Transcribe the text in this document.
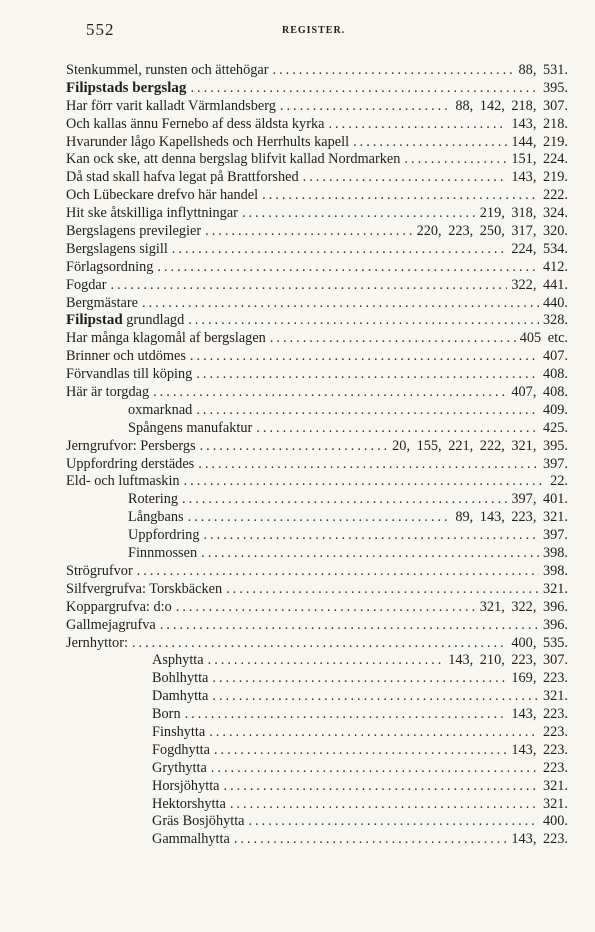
552	REGISTER.
Stenkummel, runsten och ättehögar .....	88, 531.
Filipstads bergslag .....	395.
Har förr varit kalladt Värmlandsberg .....	88, 142, 218, 307.
Och kallas ännu Fernebo af dess äldsta kyrka .....	143, 218.
Hvarunder lågo Kapellsheds och Herrhults kapell .....	144, 219.
Kan ock ske, att denna bergslag blifvit kallad Nordmarken .....	151, 224.
Då stad skall hafva legat på Brattforshed .....	143, 219.
Och Lübeckare drefvo här handel .....	222.
Hit ske åtskilliga inflyttningar .....	219, 318, 324.
Bergslagens previlegier .....	220, 223, 250, 317, 320.
Bergslagens sigill .....	224, 534.
Förlagsordning .....	412.
Fogdar .....	322, 441.
Bergmästare .....	440.
Filipstad grundlagd .....	328.
Har många klagomål af bergslagen .....	405 etc.
Brinner och utdömes .....	407.
Förvandlas till köping .....	408.
Här är torgdag .....	407, 408.
oxmarknad .....	409.
Spångens manufaktur .....	425.
Jerngrufvor: Persbergs .....	20, 155, 221, 222, 321, 395.
Uppfordring derstädes .....	397.
Eld- och luftmaskin .....	22.
Rotering .....	397, 401.
Långbans .....	89, 143, 223, 321.
Uppfordring .....	397.
Finnmossen .....	398.
Strögrufvor .....	398.
Silfvergrufva: Torskbäcken .....	321.
Koppargrufva: d:o .....	321, 322, 396.
Gallmejagrufva .....	396.
Jernhyttor: .....	400, 535.
Asphytta .....	143, 210, 223, 307.
Bohlhytta .....	169, 223.
Damhytta .....	321.
Born .....	143, 223.
Finshytta .....	223.
Fogdhytta .....	143, 223.
Grythytta .....	223.
Horsjöhytta .....	321.
Hektorshytta .....	321.
Gräs Bosjöhytta .....	400.
Gammalhytta .....	143, 223.
